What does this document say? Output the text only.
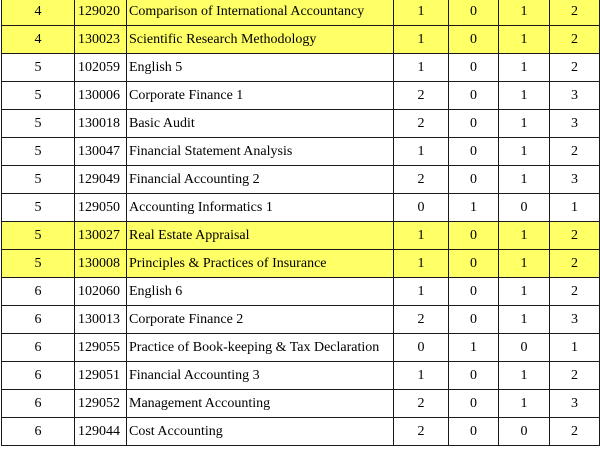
4	129020	Comparison of International Accountancy	1	0	1	2
4	130023	Scientific Research Methodology	1	0	1	2
5	102059	English 5	1	0	1	2
5	130006	Corporate Finance 1	2	0	1	3
5	130018	Basic Audit	2	0	1	3
5	130047	Financial Statement Analysis	1	0	1	2
5	129049	Financial Accounting 2	2	0	1	3
5	129050	Accounting Informatics 1	0	1	0	1
5	130027	Real Estate Appraisal	1	0	1	2
5	130008	Principles & Practices of Insurance	1	0	1	2
6	102060	English 6	1	0	1	2
6	130013	Corporate Finance 2	2	0	1	3
6	129055	Practice of Book-keeping & Tax Declaration	0	1	0	1
6	129051	Financial Accounting 3	1	0	1	2
6	129052	Management Accounting	2	0	1	3
6	129044	Cost Accounting	2	0	0	2
